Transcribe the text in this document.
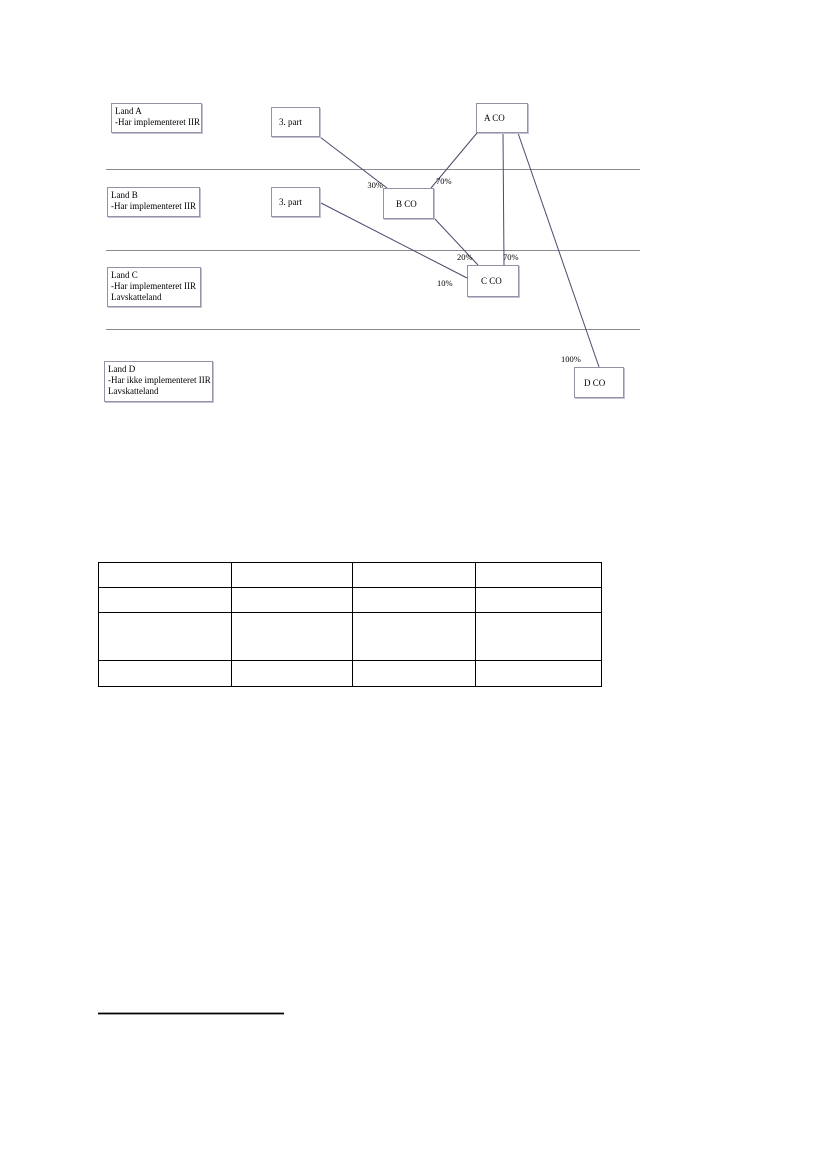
Land A
-Har implementeret IIR
Land B
-Har implementeret IIR
Land C
-Har implementeret IIR
Lavskatteland
Land D
-Har ikke implementeret IIR
Lavskatteland
3. part	A CO
3. part	B CO
C CO
D CO
30%	70%
20%	70%
10%
100%
